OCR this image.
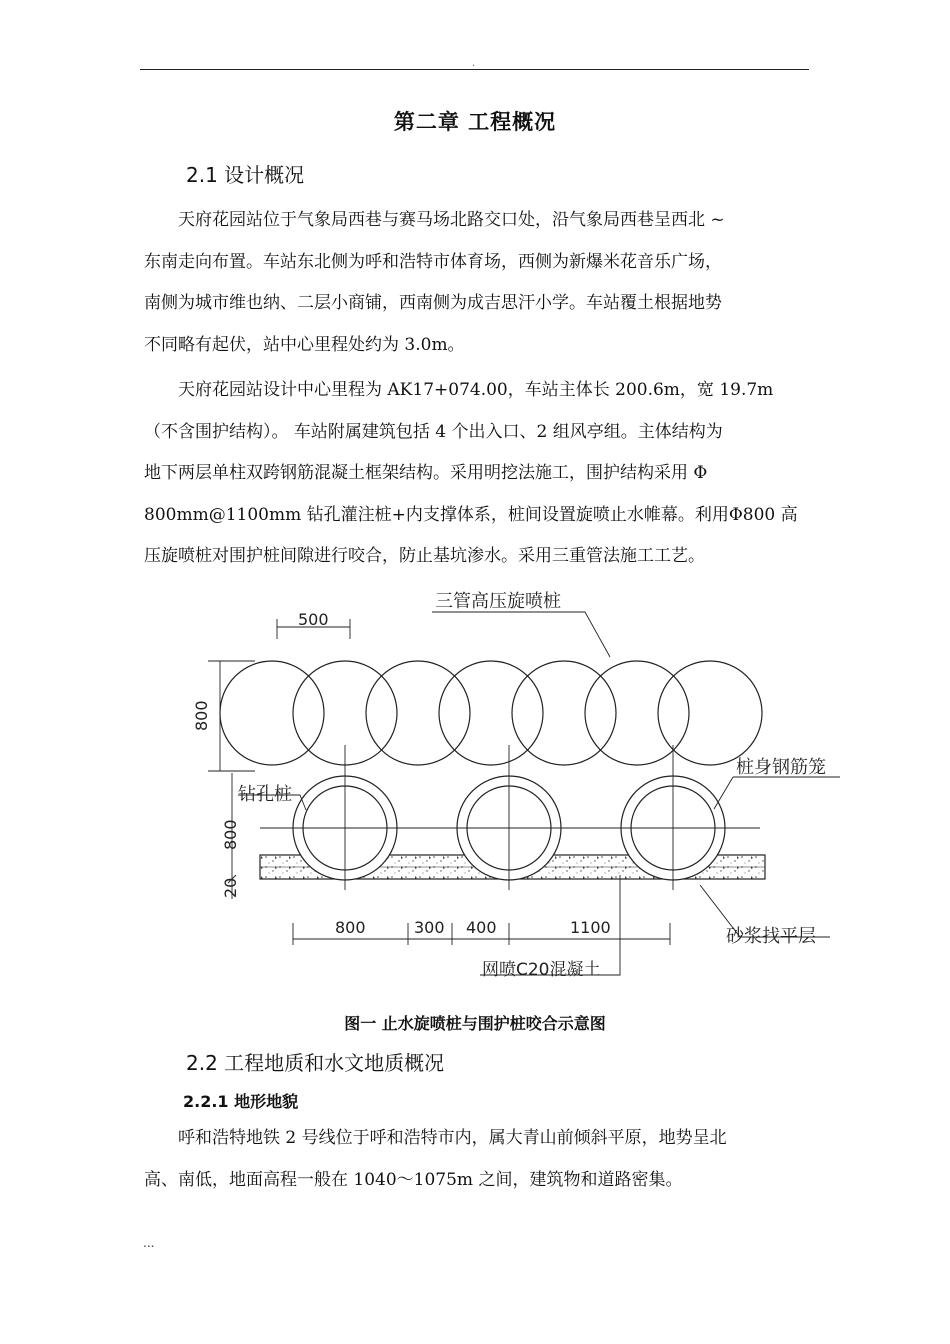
.
第二章 工程概况
2.1 设计概况
天府花园站位于气象局西巷与赛马场北路交口处，沿气象局西巷呈西北 ~
东南走向布置。车站东北侧为呼和浩特市体育场，西侧为新爆米花音乐广场，
南侧为城市维也纳、二层小商铺，西南侧为成吉思汗小学。车站覆土根据地势
不同略有起伏，站中心里程处约为 3.0m。
天府花园站设计中心里程为 AK17+074.00，车站主体长 200.6m，宽 19.7m
（不含围护结构）。 车站附属建筑包括 4 个出入口、2 组风亭组。主体结构为
地下两层单柱双跨钢筋混凝土框架结构。采用明挖法施工，围护结构采用 Φ
800mm@1100mm 钻孔灌注桩+内支撑体系，桩间设置旋喷止水帷幕。利用Φ800 高
压旋喷桩对围护桩间隙进行咬合，防止基坑渗水。采用三重管法施工工艺。
三管高压旋喷桩
桩身钢筋笼
钻孔桩
砂浆找平层
网喷C20混凝土
500
800
800
20
800	300 400	1100
图一 止水旋喷桩与围护桩咬合示意图
2.2 工程地质和水文地质概况
2.2.1 地形地貌
呼和浩特地铁 2 号线位于呼和浩特市内，属大青山前倾斜平原，地势呈北
高、南低，地面高程一般在 1040～1075m 之间，建筑物和道路密集。
...
